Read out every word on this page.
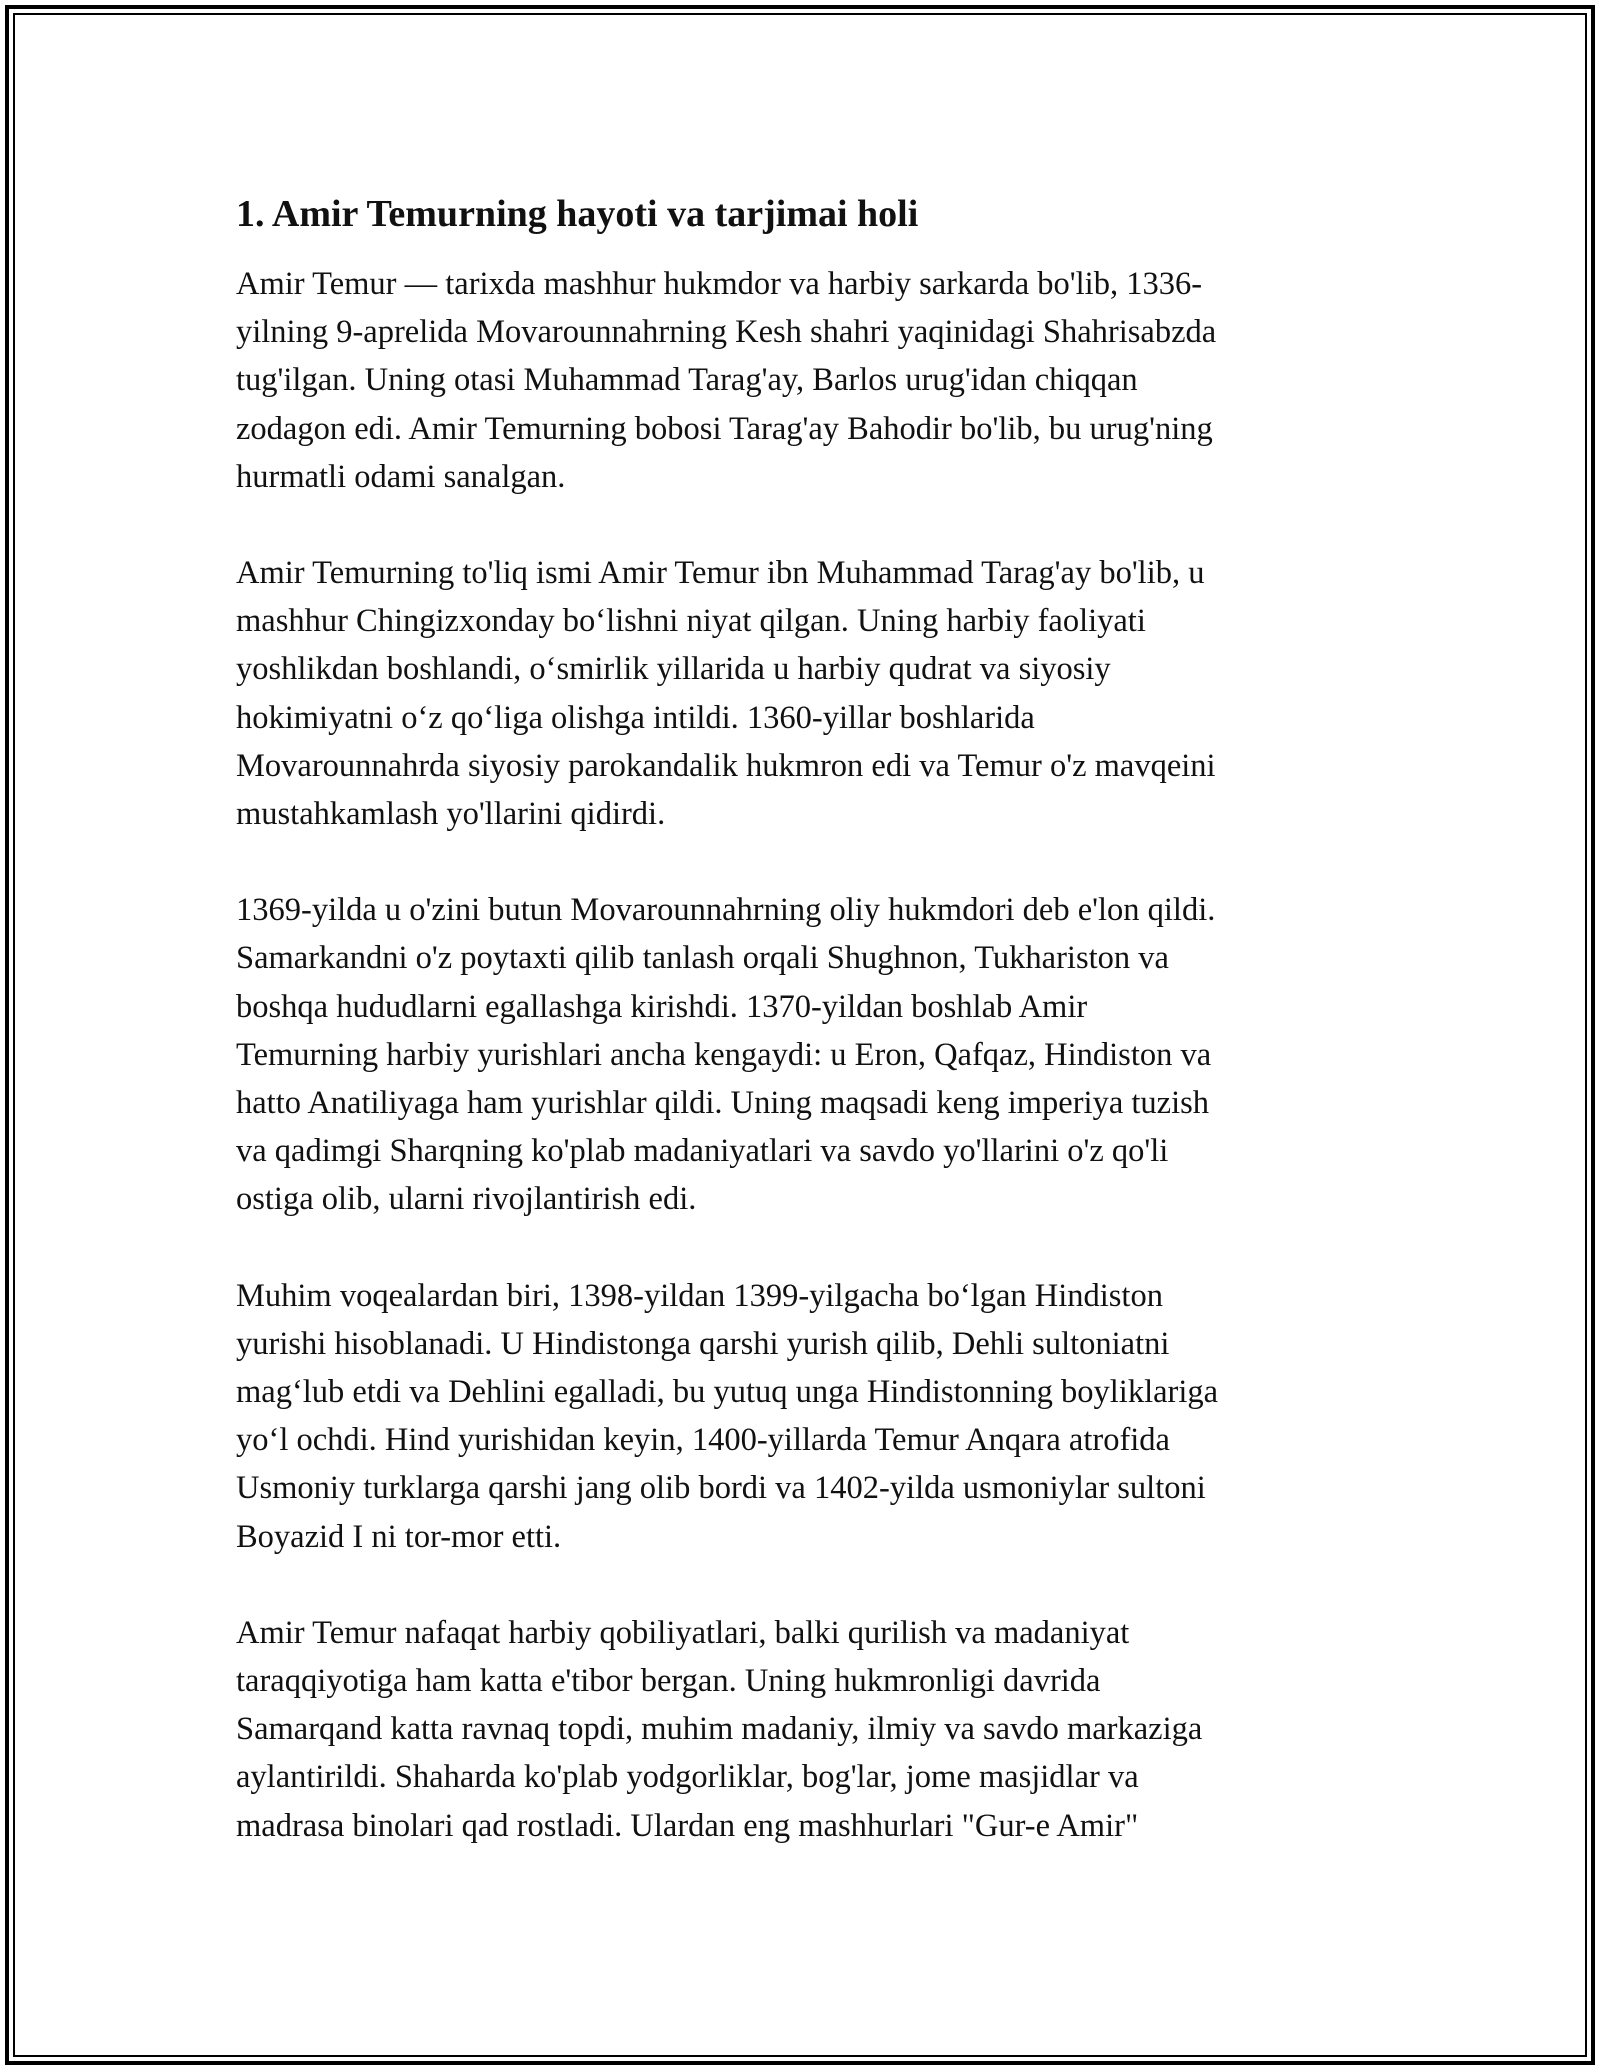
1. Amir Temurning hayoti va tarjimai holi
Amir Temur — tarixda mashhur hukmdor va harbiy sarkarda bo'lib, 1336-
yilning 9-aprelida Movarounnahrning Kesh shahri yaqinidagi Shahrisabzda
tug'ilgan. Uning otasi Muhammad Tarag'ay, Barlos urug'idan chiqqan
zodagon edi. Amir Temurning bobosi Tarag'ay Bahodir bo'lib, bu urug'ning
hurmatli odami sanalgan.
Amir Temurning to'liq ismi Amir Temur ibn Muhammad Tarag'ay bo'lib, u
mashhur Chingizxonday boʻlishni niyat qilgan. Uning harbiy faoliyati
yoshlikdan boshlandi, oʻsmirlik yillarida u harbiy qudrat va siyosiy
hokimiyatni oʻz qoʻliga olishga intildi. 1360-yillar boshlarida
Movarounnahrda siyosiy parokandalik hukmron edi va Temur o'z mavqeini
mustahkamlash yo'llarini qidirdi.
1369-yilda u o'zini butun Movarounnahrning oliy hukmdori deb e'lon qildi.
Samarkandni o'z poytaxti qilib tanlash orqali Shughnon, Tukhariston va
boshqa hududlarni egallashga kirishdi. 1370-yildan boshlab Amir
Temurning harbiy yurishlari ancha kengaydi: u Eron, Qafqaz, Hindiston va
hatto Anatiliyaga ham yurishlar qildi. Uning maqsadi keng imperiya tuzish
va qadimgi Sharqning ko'plab madaniyatlari va savdo yo'llarini o'z qo'li
ostiga olib, ularni rivojlantirish edi.
Muhim voqealardan biri, 1398-yildan 1399-yilgacha boʻlgan Hindiston
yurishi hisoblanadi. U Hindistonga qarshi yurish qilib, Dehli sultoniatni
magʻlub etdi va Dehlini egalladi, bu yutuq unga Hindistonning boyliklariga
yoʻl ochdi. Hind yurishidan keyin, 1400-yillarda Temur Anqara atrofida
Usmoniy turklarga qarshi jang olib bordi va 1402-yilda usmoniylar sultoni
Boyazid I ni tor-mor etti.
Amir Temur nafaqat harbiy qobiliyatlari, balki qurilish va madaniyat
taraqqiyotiga ham katta e'tibor bergan. Uning hukmronligi davrida
Samarqand katta ravnaq topdi, muhim madaniy, ilmiy va savdo markaziga
aylantirildi. Shaharda ko'plab yodgorliklar, bog'lar, jome masjidlar va
madrasa binolari qad rostladi. Ulardan eng mashhurlari "Gur-e Amir"
